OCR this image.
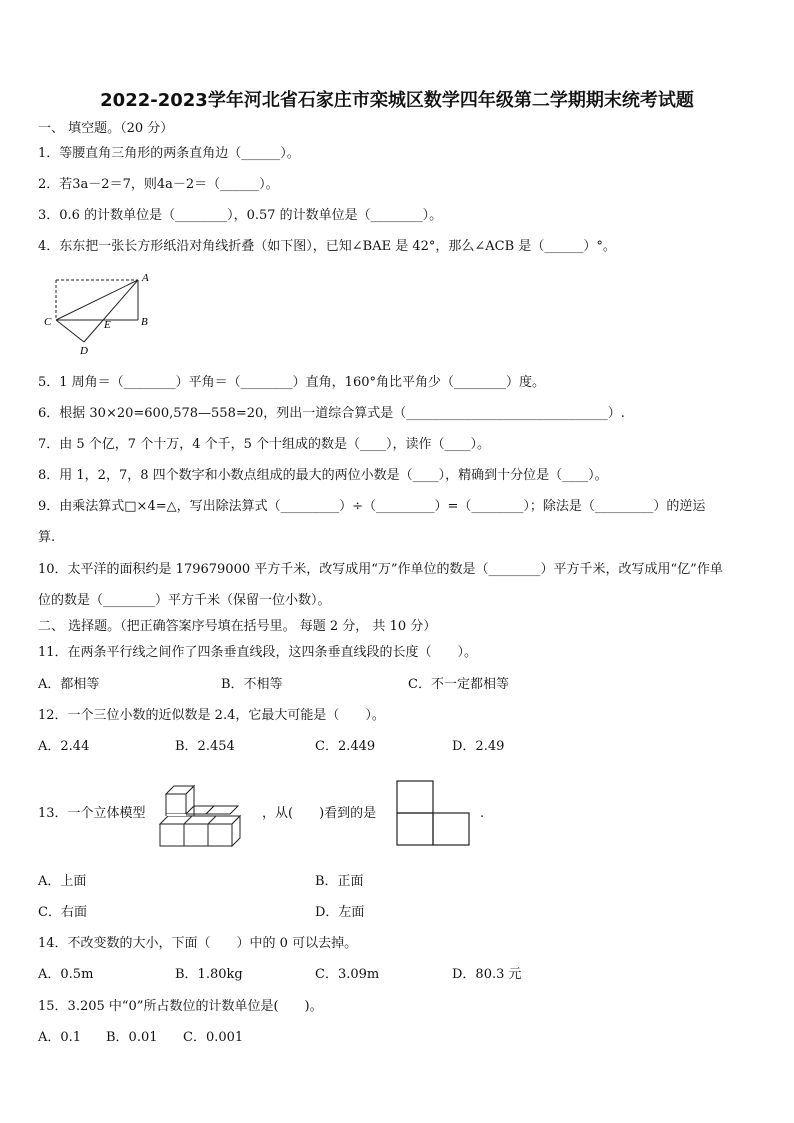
2022-2023学年河北省石家庄市栾城区数学四年级第二学期期末统考试题
一、 填空题。（20 分）
1．等腰直角三角形的两条直角边（______）。
2．若3a－2＝7，则4a－2＝（______）。
3．0.6 的计数单位是（________），0.57 的计数单位是（________）。
4．东东把一张长方形纸沿对角线折叠（如下图），已知∠BAE 是 42°，那么∠ACB 是（______）°。
A
B
C	E
D
5．1 周角＝（________）平角＝（________）直角，160°角比平角少（________）度。
6．根据 30×20=600,578—558=20，列出一道综合算式是（_______________________________）.
7．由 5 个亿，7 个十万，4 个千，5 个十组成的数是（____），读作（____）。
8．用 1，2，7，8 四个数字和小数点组成的最大的两位小数是（____），精确到十分位是（____）。
9．由乘法算式□×4=△，写出除法算式（_________）÷（_________）=（________）；除法是（_________）的逆运
算.
10．太平洋的面积约是 179679000 平方千米，改写成用“万”作单位的数是（________）平方千米，改写成用“亿”作单
位的数是（________）平方千米（保留一位小数）。
二、 选择题。（把正确答案序号填在括号里。 每题 2 分， 共 10 分）
11．在两条平行线之间作了四条垂直线段，这四条垂直线段的长度（　　）。
A．都相等	B．不相等	C．不一定都相等
12．一个三位小数的近似数是 2.4，它最大可能是（　　）。
A．2.44	B．2.454	C．2.449	D．2.49
13．一个立体模型	，从(　　)看到的是	.
A．上面	B．正面
C．右面	D．左面
14．不改变数的大小，下面（　　）中的 0 可以去掉。
A．0.5m	B．1.80kg	C．3.09m	D．80.3 元
15．3.205 中“0”所占数位的计数单位是(　　)。
A．0.1 B．0.01 C．0.001
